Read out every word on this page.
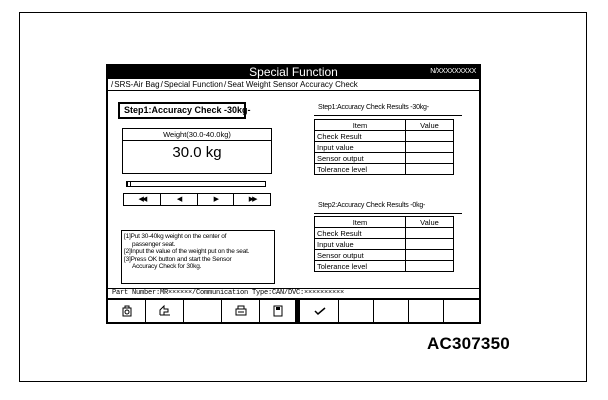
Special Function	N/XXXXXXXXX
/SRS-Air Bag/Special Function/Seat Weight Sensor Accuracy Check
Step1:Accuracy Check -30kg-
Weight(30.0-40.0kg)
30.0 kg
◀◀	◀	▶	▶▶
[1]Put 30-40kg weight on the center of
passenger seat.
[2]Input the value of the weight put on the seat.
[3]Press OK button and start the Sensor
Accuracy Check for 30kg.
Step1:Accuracy Check Results -30kg-
Item	Value
Check Result	
Input value	
Sensor output	
Tolerance level	
Step2:Accuracy Check Results -0kg-
Item	Value
Check Result	
Input value	
Sensor output	
Tolerance level	
Part Number:MR××××××/Communication Type:CAN/DVC:××××××××××
AC307350
